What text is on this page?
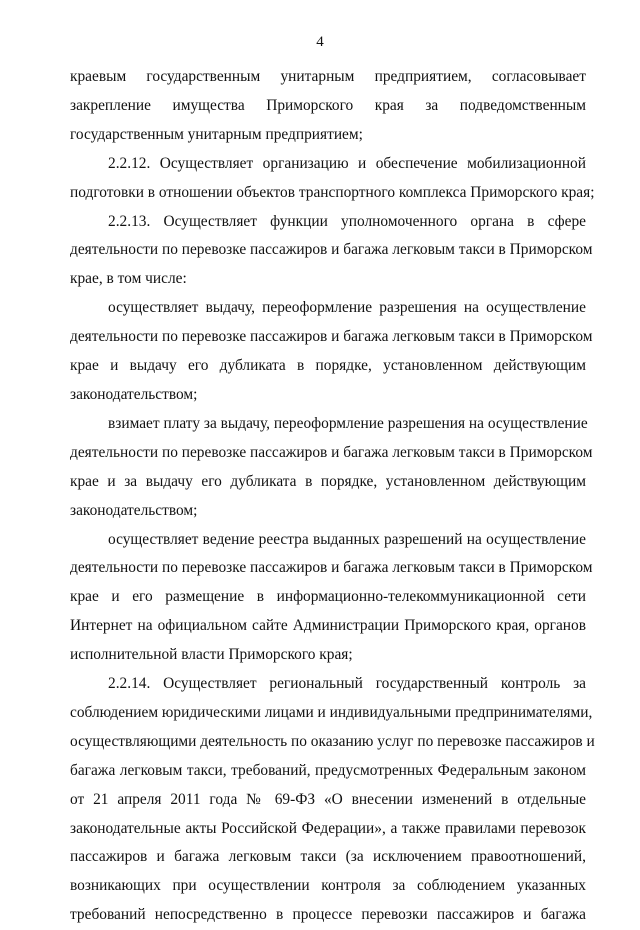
4

краевым государственным унитарным предприятием, согласовывает
закрепление имущества Приморского края за подведомственным
государственным унитарным предприятием;

2.2.12. Осуществляет организацию и обеспечение мобилизационной
подготовки в отношении объектов транспортного комплекса Приморского края;

2.2.13. Осуществляет функции уполномоченного органа в сфере
деятельности по перевозке пассажиров и багажа легковым такси в Приморском
крае, в том числе:

осуществляет выдачу, переоформление разрешения на осуществление
деятельности по перевозке пассажиров и багажа легковым такси в Приморском
крае и выдачу его дубликата в порядке, установленном действующим
законодательством;

взимает плату за выдачу, переоформление разрешения на осуществление
деятельности по перевозке пассажиров и багажа легковым такси в Приморском
крае и за выдачу его дубликата в порядке, установленном действующим
законодательством;

осуществляет ведение реестра выданных разрешений на осуществление
деятельности по перевозке пассажиров и багажа легковым такси в Приморском
крае и его размещение в информационно-телекоммуникационной сети
Интернет на официальном сайте Администрации Приморского края, органов
исполнительной власти Приморского края;

2.2.14. Осуществляет региональный государственный контроль за
соблюдением юридическими лицами и индивидуальными предпринимателями,
осуществляющими деятельность по оказанию услуг по перевозке пассажиров и
багажа легковым такси, требований, предусмотренных Федеральным законом
от 21 апреля 2011 года № 69-ФЗ «О внесении изменений в отдельные
законодательные акты Российской Федерации», а также правилами перевозок
пассажиров и багажа легковым такси (за исключением правоотношений,
возникающих при осуществлении контроля за соблюдением указанных
требований непосредственно в процессе перевозки пассажиров и багажа
